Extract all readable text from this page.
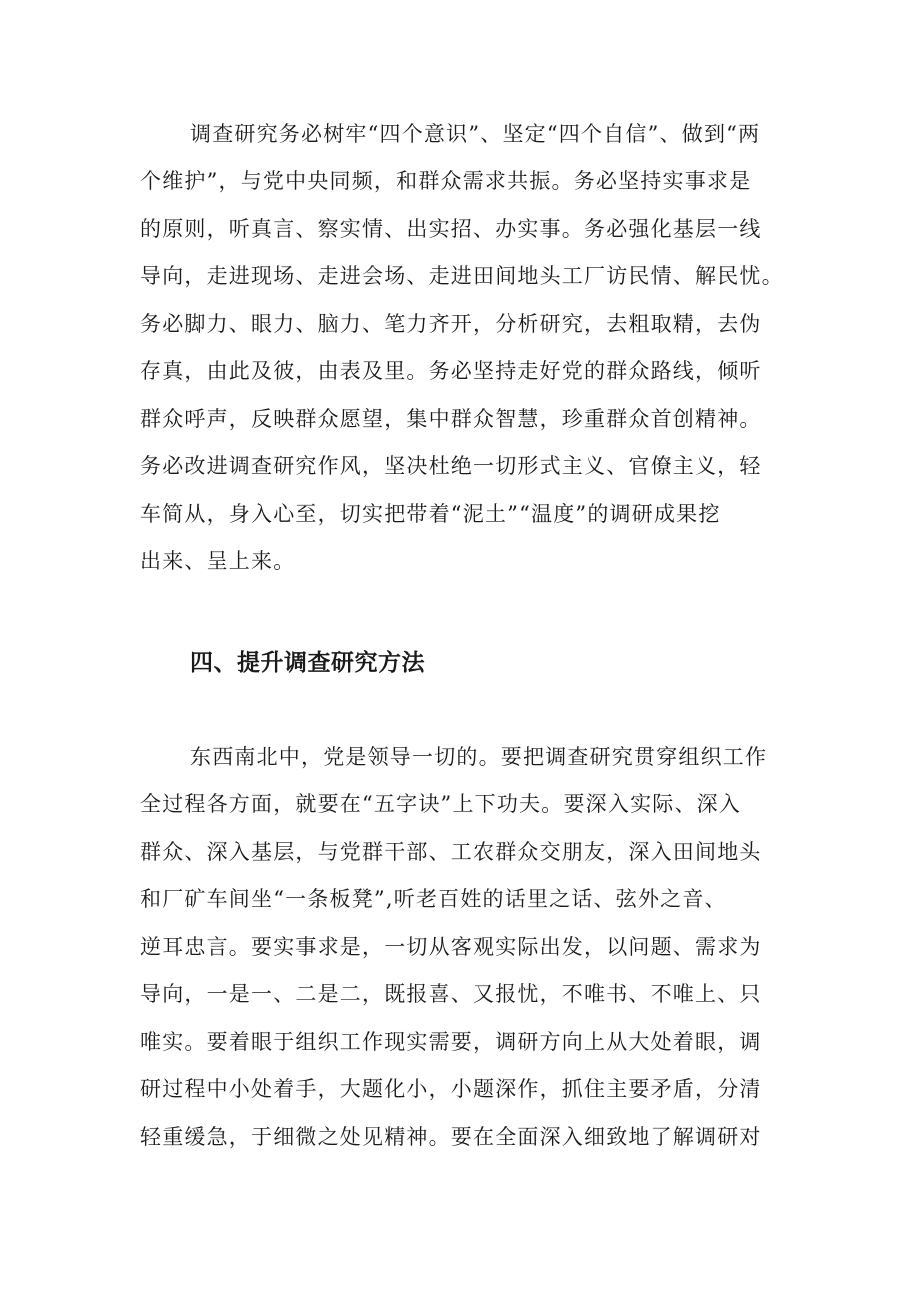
调查研究务必树牢“四个意识”、坚定“四个自信”、做到“两
个维护”，与党中央同频，和群众需求共振。务必坚持实事求是
的原则，听真言、察实情、出实招、办实事。务必强化基层一线
导向，走进现场、走进会场、走进田间地头工厂访民情、解民忧。
务必脚力、眼力、脑力、笔力齐开，分析研究，去粗取精，去伪
存真，由此及彼，由表及里。务必坚持走好党的群众路线，倾听
群众呼声，反映群众愿望，集中群众智慧，珍重群众首创精神。
务必改进调查研究作风，坚决杜绝一切形式主义、官僚主义，轻
车简从，身入心至，切实把带着“泥土”“温度”的调研成果挖
出来、呈上来。
四、提升调查研究方法
东西南北中，党是领导一切的。要把调查研究贯穿组织工作
全过程各方面，就要在“五字诀”上下功夫。要深入实际、深入
群众、深入基层，与党群干部、工农群众交朋友，深入田间地头
和厂矿车间坐“一条板凳”,听老百姓的话里之话、弦外之音、
逆耳忠言。要实事求是，一切从客观实际出发，以问题、需求为
导向，一是一、二是二，既报喜、又报忧，不唯书、不唯上、只
唯实。要着眼于组织工作现实需要，调研方向上从大处着眼，调
研过程中小处着手，大题化小，小题深作，抓住主要矛盾，分清
轻重缓急，于细微之处见精神。要在全面深入细致地了解调研对
